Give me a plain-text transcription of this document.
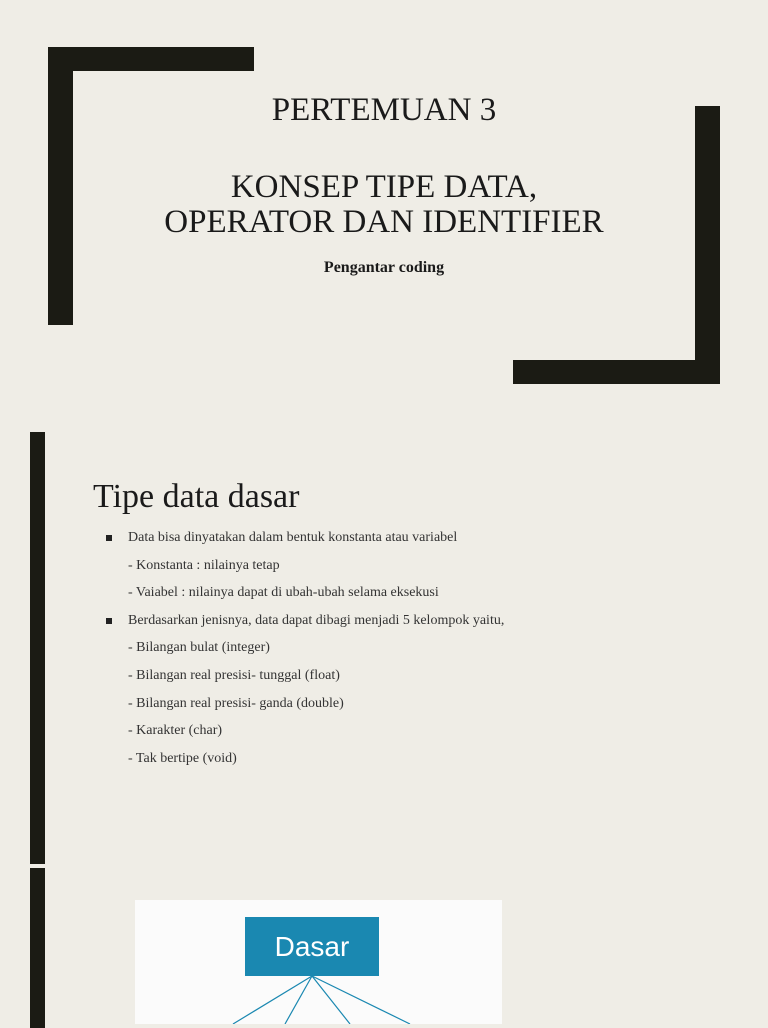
PERTEMUAN 3
KONSEP TIPE DATA,
OPERATOR DAN IDENTIFIER
Pengantar coding
Tipe data dasar
Data bisa dinyatakan dalam bentuk konstanta atau variabel
- Konstanta : nilainya tetap
- Vaiabel : nilainya dapat di ubah-ubah selama eksekusi
Berdasarkan jenisnya, data dapat dibagi menjadi 5 kelompok yaitu,
- Bilangan bulat (integer)
- Bilangan real presisi- tunggal (float)
- Bilangan real presisi- ganda (double)
- Karakter (char)
- Tak bertipe (void)
Dasar
